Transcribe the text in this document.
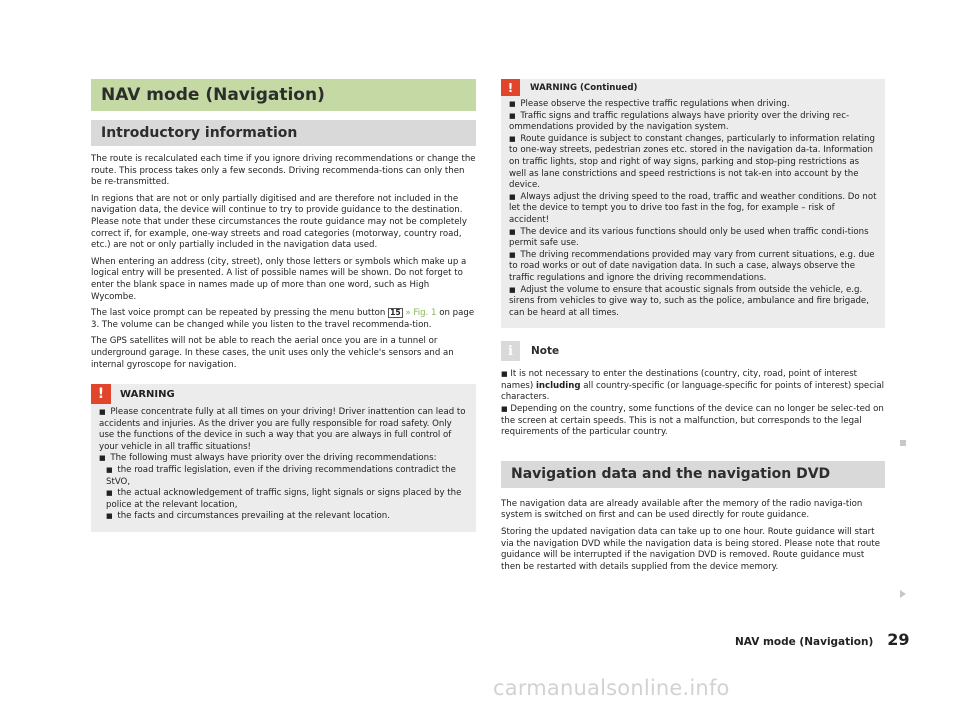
NAV mode (Navigation)
Introductory information

The route is recalculated each time if you ignore driving recommendations or change the route. This process takes only a few seconds. Driving recommenda-tions can only then be re-transmitted.

In regions that are not or only partially digitised and are therefore not included in the navigation data, the device will continue to try to provide guidance to the destination. Please note that under these circumstances the route guidance may not be completely correct if, for example, one-way streets and road categories (motorway, country road, etc.) are not or only partially included in the navigation data used.

When entering an address (city, street), only those letters or symbols which make up a logical entry will be presented. A list of possible names will be shown. Do not forget to enter the blank space in names made up of more than one word, such as High Wycombe.

The last voice prompt can be repeated by pressing the menu button 15 » Fig. 1 on page 3. The volume can be changed while you listen to the travel recommenda-tion.

The GPS satellites will not be able to reach the aerial once you are in a tunnel or underground garage. In these cases, the unit uses only the vehicle's sensors and an internal gyroscope for navigation.

!	WARNING
■ Please concentrate fully at all times on your driving! Driver inattention can lead to accidents and injuries. As the driver you are fully responsible for road safety. Only use the functions of the device in such a way that you are always in full control of your vehicle in all traffic situations!
■ The following must always have priority over the driving recommendations:
■ the road traffic legislation, even if the driving recommendations contradict the StVO,
■ the actual acknowledgement of traffic signs, light signals or signs placed by the police at the relevant location,
■ the facts and circumstances prevailing at the relevant location.
!	WARNING (Continued)
■ Please observe the respective traffic regulations when driving.
■ Traffic signs and traffic regulations always have priority over the driving rec-ommendations provided by the navigation system.
■ Route guidance is subject to constant changes, particularly to information relating to one-way streets, pedestrian zones etc. stored in the navigation da-ta. Information on traffic lights, stop and right of way signs, parking and stop-ping restrictions as well as lane constrictions and speed restrictions is not tak-en into account by the device.
■ Always adjust the driving speed to the road, traffic and weather conditions. Do not let the device to tempt you to drive too fast in the fog, for example – risk of accident!
■ The device and its various functions should only be used when traffic condi-tions permit safe use.
■ The driving recommendations provided may vary from current situations, e.g. due to road works or out of date navigation data. In such a case, always observe the traffic regulations and ignore the driving recommendations.
■ Adjust the volume to ensure that acoustic signals from outside the vehicle, e.g. sirens from vehicles to give way to, such as the police, ambulance and fire brigade, can be heard at all times.
i	Note
■ It is not necessary to enter the destinations (country, city, road, point of interest names) including all country-specific (or language-specific for points of interest) special characters.
■ Depending on the country, some functions of the device can no longer be selec-ted on the screen at certain speeds. This is not a malfunction, but corresponds to the legal requirements of the particular country.
Navigation data and the navigation DVD

The navigation data are already available after the memory of the radio naviga-tion system is switched on first and can be used directly for route guidance.

Storing the updated navigation data can take up to one hour. Route guidance will start via the navigation DVD while the navigation data is being stored. Please note that route guidance will be interrupted if the navigation DVD is removed. Route guidance must then be restarted with details supplied from the device memory.

NAV mode (Navigation) 29
carmanualsonline.info
